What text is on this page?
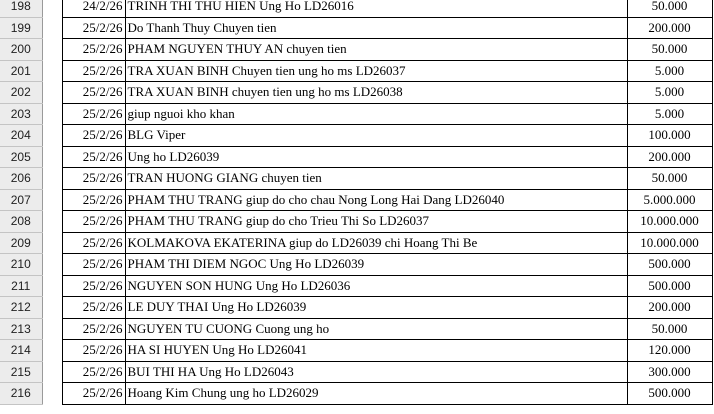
198		24/2/26	TRINH THI THU HIEN Ung Ho LD26016	50.000	
199		25/2/26	Do Thanh Thuy Chuyen tien	200.000	
200		25/2/26	PHAM NGUYEN THUY AN chuyen tien	50.000	
201		25/2/26	TRA XUAN BINH Chuyen tien ung ho ms LD26037	5.000	
202		25/2/26	TRA XUAN BINH chuyen tien ung ho ms LD26038	5.000	
203		25/2/26	giup nguoi kho khan	5.000	
204		25/2/26	BLG Viper	100.000	
205		25/2/26	Ung ho LD26039	200.000	
206		25/2/26	TRAN HUONG GIANG chuyen tien	50.000	
207		25/2/26	PHAM THU TRANG giup do cho chau Nong Long Hai Dang LD26040	5.000.000	
208		25/2/26	PHAM THU TRANG giup do cho Trieu Thi So LD26037	10.000.000	
209		25/2/26	KOLMAKOVA EKATERINA giup do LD26039 chi Hoang Thi Be	10.000.000	
210		25/2/26	PHAM THI DIEM NGOC Ung Ho LD26039	500.000	
211		25/2/26	NGUYEN SON HUNG Ung Ho LD26036	500.000	
212		25/2/26	LE DUY THAI Ung Ho LD26039	200.000	
213		25/2/26	NGUYEN TU CUONG Cuong ung ho	50.000	
214		25/2/26	HA SI HUYEN Ung Ho LD26041	120.000	
215		25/2/26	BUI THI HA Ung Ho LD26043	300.000	
216		25/2/26	Hoang Kim Chung ung ho LD26029	500.000	
